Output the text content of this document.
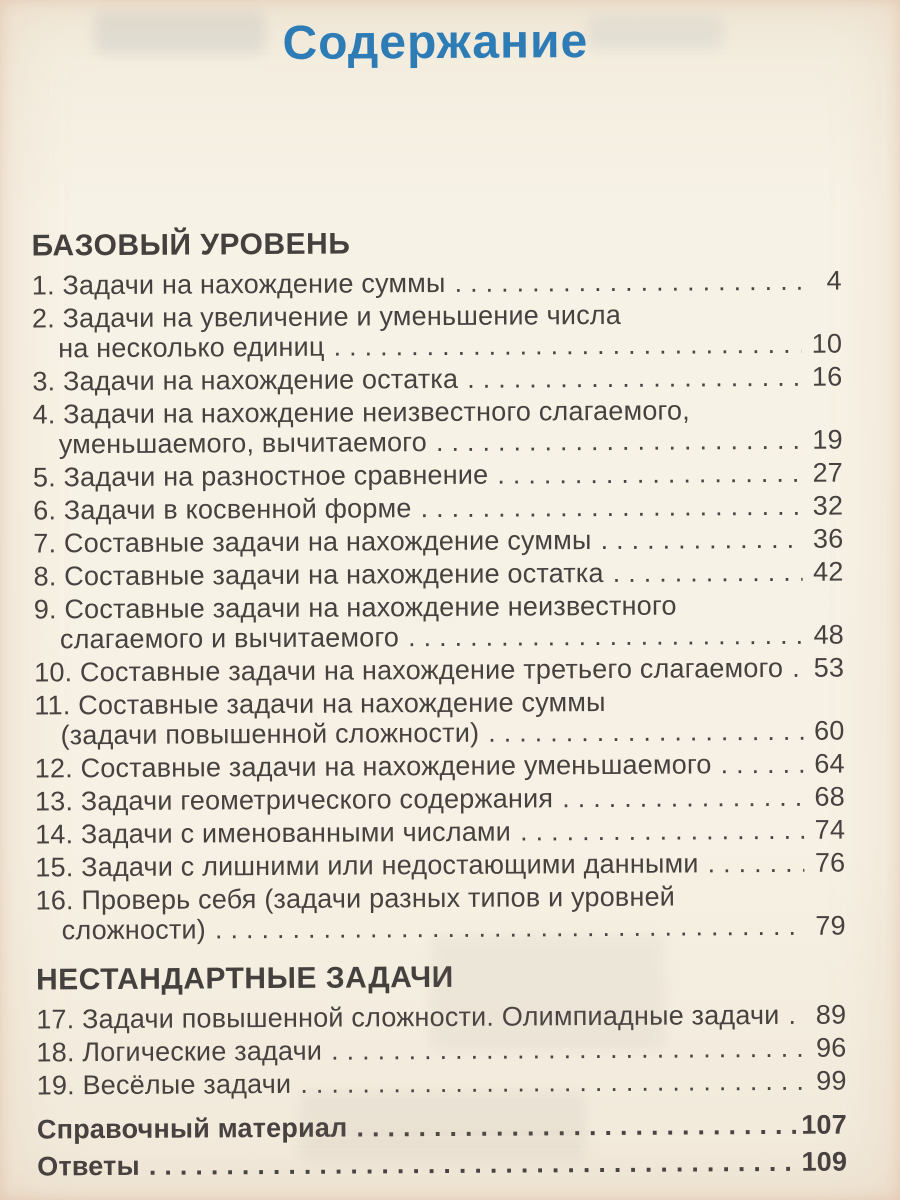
Содержание
БАЗОВЫЙ УРОВЕНЬ
1. Задачи на нахождение суммы .....	4
2. Задачи на увеличение и уменьшение числа
на несколько единиц .....	10
3. Задачи на нахождение остатка .....	16
4. Задачи на нахождение неизвестного слагаемого,
уменьшаемого, вычитаемого .....	19
5. Задачи на разностное сравнение .....	27
6. Задачи в косвенной форме .....	32
7. Составные задачи на нахождение суммы .....	36
8. Составные задачи на нахождение остатка .....	42
9. Составные задачи на нахождение неизвестного
слагаемого и вычитаемого .....	48
10. Составные задачи на нахождение третьего слагаемого ..... 53
11. Составные задачи на нахождение суммы
(задачи повышенной сложности) .....	60
12. Составные задачи на нахождение уменьшаемого .....	64
13. Задачи геометрического содержания .....	68
14. Задачи с именованными числами .....	74
15. Задачи с лишними или недостающими данными .....	76
16. Проверь себя (задачи разных типов и уровней
сложности) .....	79
НЕСТАНДАРТНЫЕ ЗАДАЧИ
17. Задачи повышенной сложности. Олимпиадные задачи ..... 89
18. Логические задачи .....	96
19. Весёлые задачи .....	99
Справочный материал .....	107
Ответы .....	109
